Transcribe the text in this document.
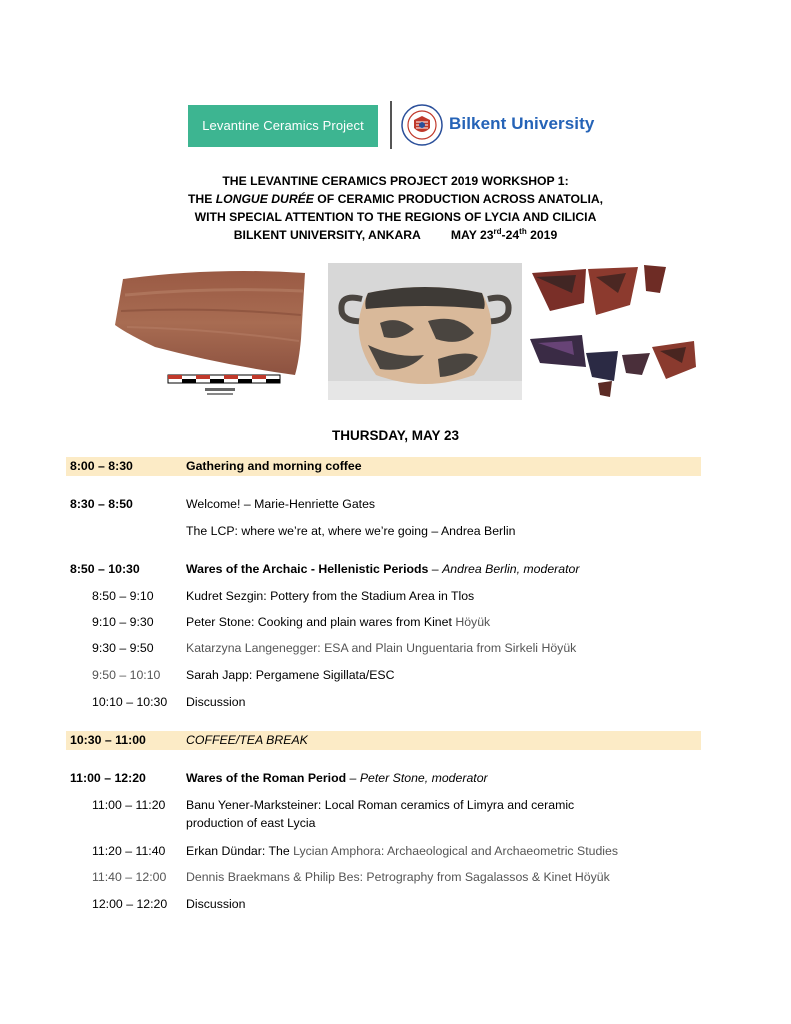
Levantine Ceramics Project	Bilkent University
THE LEVANTINE CERAMICS PROJECT 2019 WORKSHOP 1:
THE LONGUE DURÉE OF CERAMIC PRODUCTION ACROSS ANATOLIA,
WITH SPECIAL ATTENTION TO THE REGIONS OF LYCIA AND CILICIA
BILKENT UNIVERSITY, ANKARA MAY 23rd-24th 2019
THURSDAY, MAY 23
8:00 – 8:30	Gathering and morning coffee
8:30 – 8:50	Welcome! – Marie-Henriette Gates
The LCP: where we’re at, where we’re going – Andrea Berlin
8:50 – 10:30	Wares of the Archaic - Hellenistic Periods – Andrea Berlin, moderator
8:50 – 9:10	Kudret Sezgin: Pottery from the Stadium Area in Tlos
9:10 – 9:30	Peter Stone: Cooking and plain wares from Kinet Höyük
9:30 – 9:50	Katarzyna Langenegger: ESA and Plain Unguentaria from Sirkeli Höyük
9:50 – 10:10 Sarah Japp: Pergamene Sigillata/ESC
10:10 – 10:30 Discussion
10:30 – 11:00	COFFEE/TEA BREAK
11:00 – 12:20	Wares of the Roman Period – Peter Stone, moderator
11:00 – 11:20 Banu Yener-Marksteiner: Local Roman ceramics of Limyra and ceramic
production of east Lycia
11:20 – 11:40 Erkan Dündar: The Lycian Amphora: Archaeological and Archaeometric Studies
11:40 – 12:00 Dennis Braekmans & Philip Bes: Petrography from Sagalassos & Kinet Höyük
12:00 – 12:20 Discussion
